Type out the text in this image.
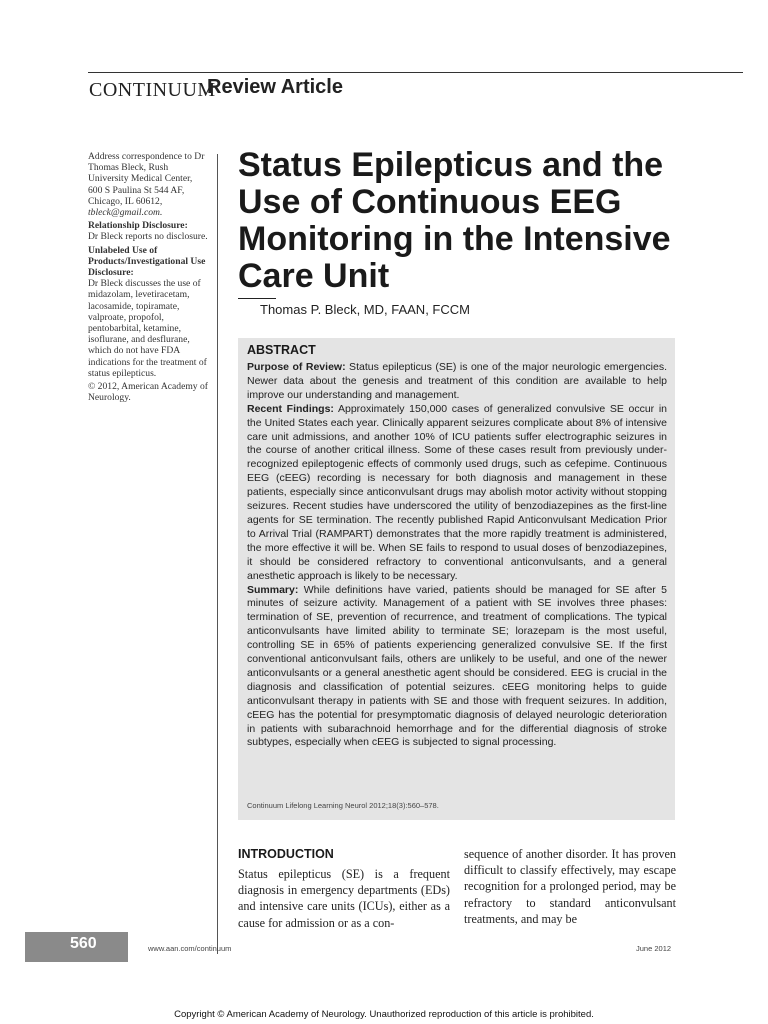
CONTINUUM
Review Article

Address correspondence to Dr Thomas Bleck, Rush University Medical Center, 600 S Paulina St 544 AF, Chicago, IL 60612, tbleck@gmail.com.

Relationship Disclosure:

Dr Bleck reports no disclosure.

Unlabeled Use of Products/Investigational Use Disclosure:

Dr Bleck discusses the use of midazolam, levetiracetam, lacosamide, topiramate, valproate, propofol, pentobarbital, ketamine, isoflurane, and desflurane, which do not have FDA indications for the treatment of status epilepticus.

© 2012, American Academy of Neurology.

Status Epilepticus and the Use of Continuous EEG Monitoring in the Intensive Care Unit
Thomas P. Bleck, MD, FAAN, FCCM
ABSTRACT

Purpose of Review: Status epilepticus (SE) is one of the major neurologic emergencies. Newer data about the genesis and treatment of this condition are available to help improve our understanding and management.
Recent Findings: Approximately 150,000 cases of generalized convulsive SE occur in the United States each year. Clinically apparent seizures complicate about 8% of intensive care unit admissions, and another 10% of ICU patients suffer electrographic seizures in the course of another critical illness. Some of these cases result from previously under-recognized epileptogenic effects of commonly used drugs, such as cefepime. Continuous EEG (cEEG) recording is necessary for both diagnosis and management in these patients, especially since anticonvulsant drugs may abolish motor activity without stopping seizures. Recent studies have underscored the utility of benzodiazepines as the first-line agents for SE termination. The recently published Rapid Anticonvulsant Medication Prior to Arrival Trial (RAMPART) demonstrates that the more rapidly treatment is administered, the more effective it will be. When SE fails to respond to usual doses of benzodiazepines, it should be considered refractory to conventional anticonvulsants, and a general anesthetic approach is likely to be necessary.
Summary: While definitions have varied, patients should be managed for SE after 5 minutes of seizure activity. Management of a patient with SE involves three phases: termination of SE, prevention of recurrence, and treatment of complications. The typical anticonvulsants have limited ability to terminate SE; lorazepam is the most useful, controlling SE in 65% of patients experiencing generalized convulsive SE. If the first conventional anticonvulsant fails, others are unlikely to be useful, and one of the newer anticonvulsants or a general anesthetic agent should be considered. EEG is crucial in the diagnosis and classification of potential seizures. cEEG monitoring helps to guide anticonvulsant therapy in patients with SE and those with frequent seizures. In addition, cEEG has the potential for presymptomatic diagnosis of delayed neurologic deterioration in patients with subarachnoid hemorrhage and for the differential diagnosis of stroke subtypes, especially when cEEG is subjected to signal processing.

Continuum Lifelong Learning Neurol 2012;18(3):560–578.
INTRODUCTION

Status epilepticus (SE) is a frequent diagnosis in emergency departments (EDs) and intensive care units (ICUs), either as a cause for admission or as a con-

sequence of another disorder. It has proven difficult to classify effectively, may escape recognition for a prolonged period, may be refractory to standard anticonvulsant treatments, and may be

560	www.aan.com/continuum	June 2012
Copyright © American Academy of Neurology. Unauthorized reproduction of this article is prohibited.
